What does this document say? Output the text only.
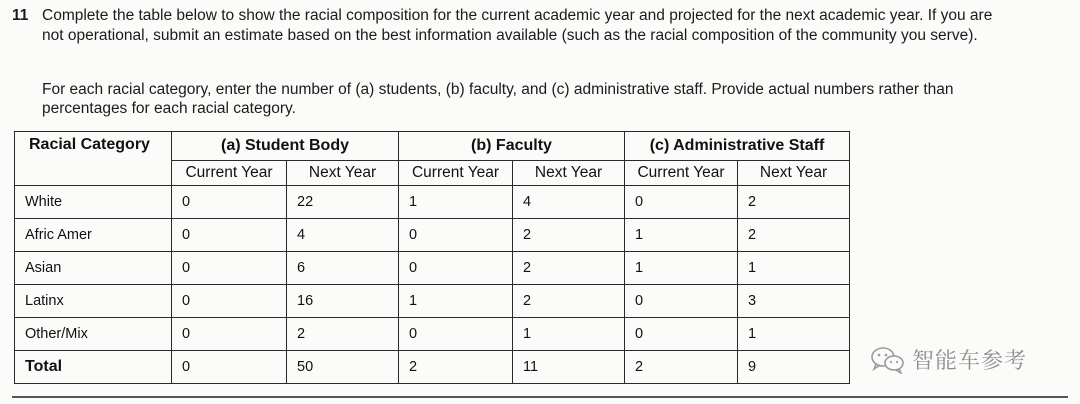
11 Complete the table below to show the racial composition for the current academic year and projected for the next academic year. If you are

not operational, submit an estimate based on the best information available (such as the racial composition of the community you serve).

For each racial category, enter the number of (a) students, (b) faculty, and (c) administrative staff. Provide actual numbers rather than

percentages for each racial category.

Racial Category	(a) Student Body		(b) Faculty		(c) Administrative Staff	
	Current Year	Next Year	Current Year	Next Year	Current Year	Next Year
White	0	22	1	4	0	2
Afric Amer	0	4	0	2	1	2
Asian	0	6	0	2	1	1
Latinx	0	16	1	2	0	3
Other/Mix	0	2	0	1	0	1
Total	0	50	2	11	2	9	智能车参考
